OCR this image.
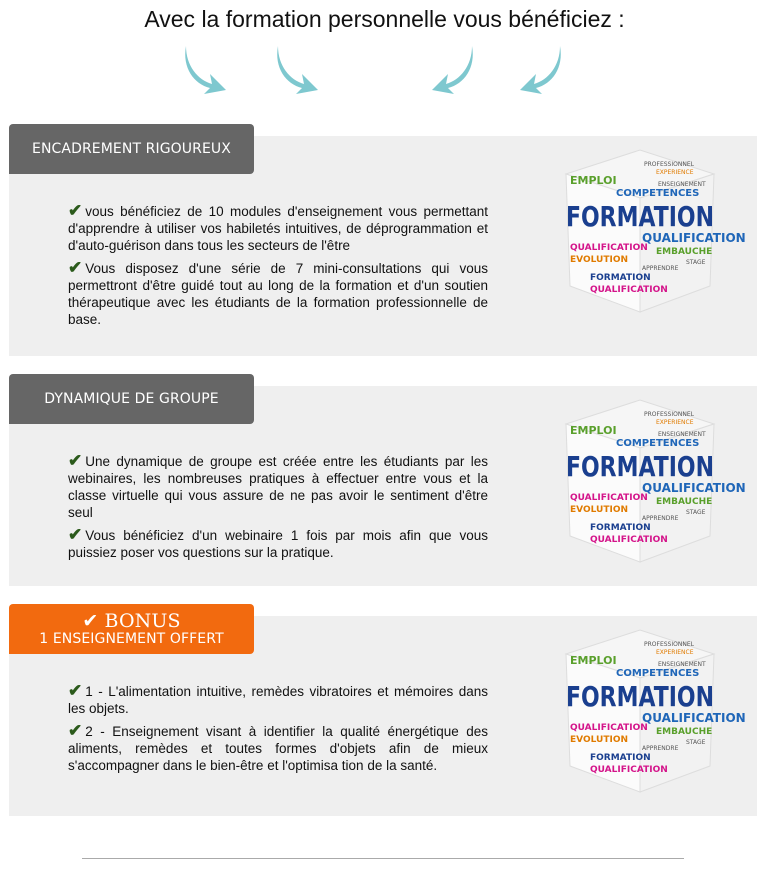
Avec la formation personnelle vous bénéficiez :
ENCADREMENT RIGOUREUX

✔ vous bénéficiez de 10 modules d'enseignement vous permettant d'apprendre à utiliser vos habiletés intuitives, de déprogrammation et d'auto-guérison dans tous les secteurs de l'être

✔ Vous disposez d'une série de 7 mini-consultations qui vous permettront d'être guidé tout au long de la formation et d'un soutien thérapeutique avec les étudiants de la formation professionnelle de base.

DYNAMIQUE DE GROUPE

✔ Une dynamique de groupe est créée entre les étudiants par les webinaires, les nombreuses pratiques à effectuer entre vous et la classe virtuelle qui vous assure de ne pas avoir le sentiment d'être seul

✔ Vous bénéficiez d'un webinaire 1 fois par mois afin que vous puissiez poser vos questions sur la pratique.

✔ BONUS
1 ENSEIGNEMENT OFFERT

✔ 1 - L'alimentation intuitive, remèdes vibratoires et mémoires dans les objets.

✔ 2 - Enseignement visant à identifier la qualité énergétique des aliments, remèdes et toutes formes d'objets afin de mieux s'accompagner dans le bien-être et l'optimisa tion de la santé.

PROFESSIONNEL
EXPERIENCE
EMPLOI	ENSEIGNEMENT
COMPETENCES
FORMATION
QUALIFICATION
EMBAUCHE
QUALIFICATION
EVOLUTION	STAGE
APPRENDRE
FORMATION
QUALIFICATION
PROFESSIONNEL
EXPERIENCE
EMPLOI	ENSEIGNEMENT
COMPETENCES
FORMATION
QUALIFICATION
EMBAUCHE
QUALIFICATION
EVOLUTION	STAGE
APPRENDRE
FORMATION
QUALIFICATION
PROFESSIONNEL
EXPERIENCE
EMPLOI	ENSEIGNEMENT
COMPETENCES
FORMATION
QUALIFICATION
EMBAUCHE
QUALIFICATION
EVOLUTION	STAGE
APPRENDRE
FORMATION
QUALIFICATION
